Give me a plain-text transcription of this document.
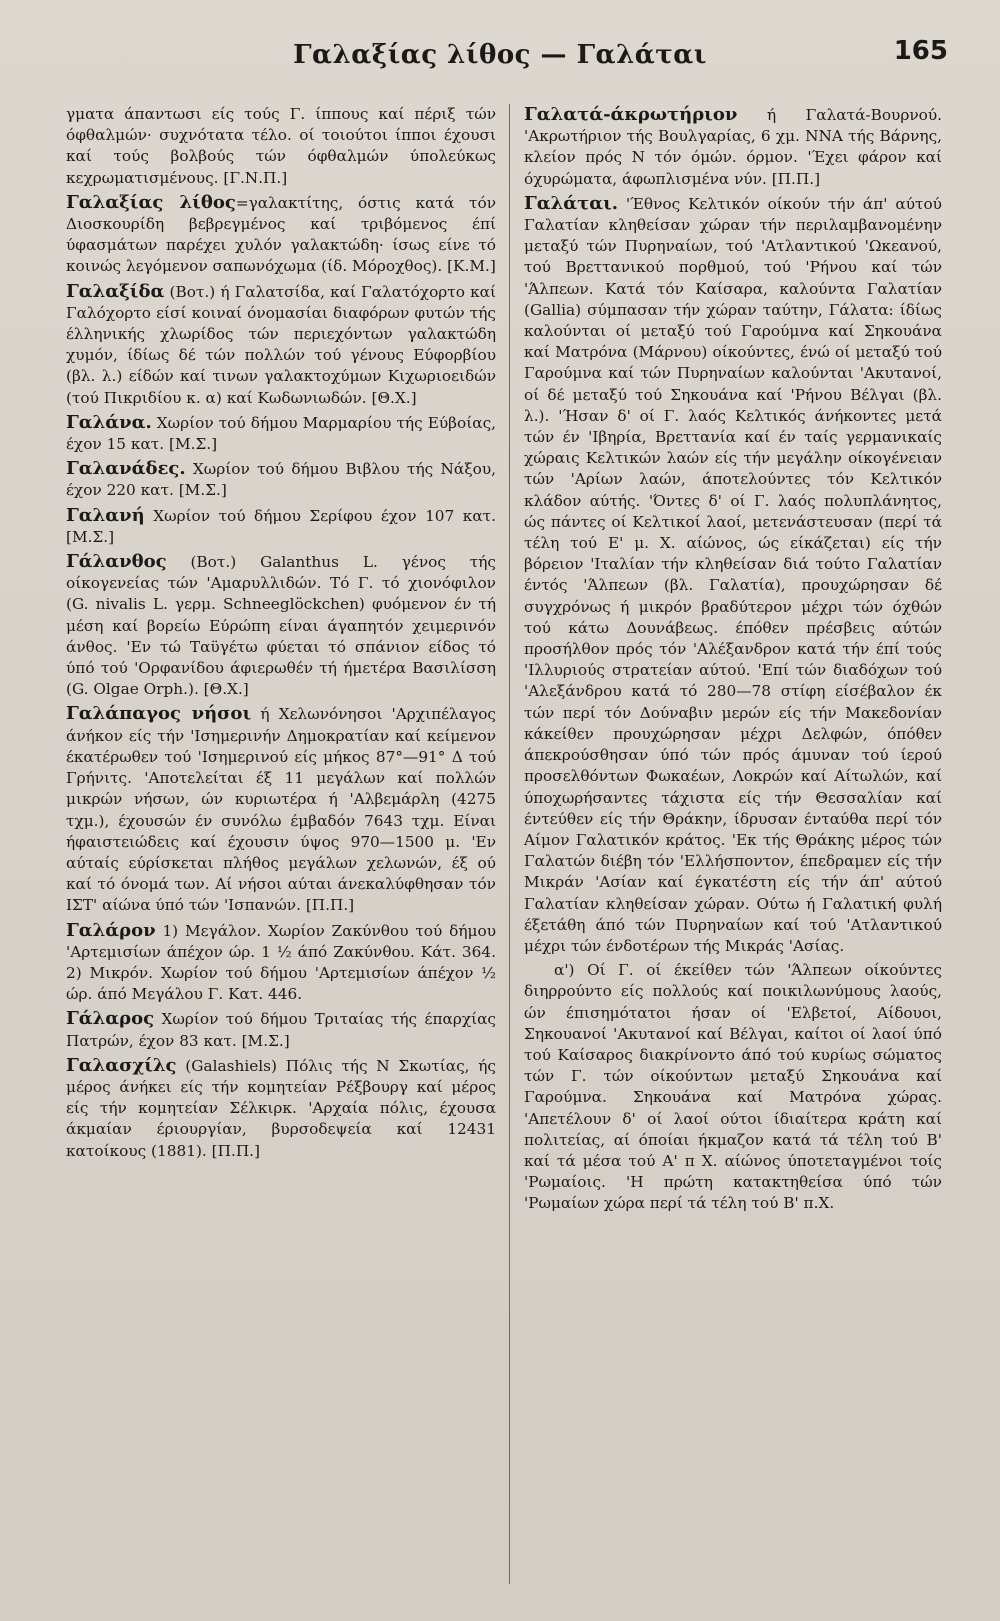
Γαλαξίας λίθος — Γαλάται	165

γματα άπαντωσι είς τούς Γ. ίππους καί πέριξ τών όφθαλμών· συχνότατα τέλο. οί τοιούτοι ίπποι έχουσι καί τούς βολβούς τών όφθαλμών ύπολεύκως κεχρωματισμένους. [Γ.Ν.Π.]

Γαλαξίας λίθος=γαλακτίτης, όστις κατά τόν Διοσκουρίδη βεβρεγμένος καί τριβόμενος έπί ύφασμάτων παρέχει χυλόν γαλακτώδη· ίσως είνε τό κοινώς λεγόμενον σαπωνόχωμα (ίδ. Μόροχθος). [Κ.Μ.]

Γαλαξίδα (Βοτ.) ή Γαλατσίδα, καί Γαλατόχορτο καί Γαλόχορτο είσί κοιναί όνομασίαι διαφόρων φυτών τής έλληνικής χλωρίδος τών περιεχόντων γαλακτώδη χυμόν, ίδίως δέ τών πολλών τού γένους Εύφορβίου (βλ. λ.) είδών καί τινων γαλακτοχύμων Κιχωριοειδών (τού Πικριδίου κ. α) καί Κωδωνιωδών. [Θ.Χ.]

Γαλάνα. Χωρίον τού δήμου Μαρμαρίου τής Εύβοίας, έχον 15 κατ. [Μ.Σ.]

Γαλανάδες. Χωρίον τού δήμου Βιβλου τής Νάξου, έχον 220 κατ. [Μ.Σ.]

Γαλανή Χωρίον τού δήμου Σερίφου έχον 107 κατ. [Μ.Σ.]

Γάλανθος (Βοτ.) Galanthus L. γένος τής οίκογενείας τών 'Αμαρυλλιδών. Τό Γ. τό χιονόφιλον (G. nivalis L. γερμ. Schneeglöckchen) φυόμενον έν τή μέση καί βορείω Εύρώπη είναι άγαπητόν χειμερινόν άνθος. 'Εν τώ Ταϋγέτω φύεται τό σπάνιον είδος τό ύπό τού 'Ορφανίδου άφιερωθέν τή ήμετέρα Βασιλίσση (G. Olgae Orph.). [Θ.Χ.]

Γαλάπαγος νήσοι ή Χελωνόνησοι 'Αρχιπέλαγος άνήκον είς τήν 'Ισημερινήν Δημοκρατίαν καί κείμενον έκατέρωθεν τού 'Ισημερινού είς μήκος 87°—91° Δ τού Γρήνιτς. 'Αποτελείται έξ 11 μεγάλων καί πολλών μικρών νήσων, ών κυριωτέρα ή 'Αλβεμάρλη (4275 τχμ.), έχουσών έν συνόλω έμβαδόν 7643 τχμ. Είναι ήφαιστειώδεις καί έχουσιν ύψος 970—1500 μ. 'Εν αύταίς εύρίσκεται πλήθος μεγάλων χελωνών, έξ ού καί τό όνομά των. Αί νήσοι αύται άνεκαλύφθησαν τόν ΙΣΤ' αίώνα ύπό τών 'Ισπανών. [Π.Π.]

Γαλάρον 1) Μεγάλον. Χωρίον Ζακύνθου τού δήμου 'Αρτεμισίων άπέχον ώρ. 1 ½ άπό Ζακύνθου. Κάτ. 364. 2) Μικρόν. Χωρίον τού δήμου 'Αρτεμισίων άπέχον ½ ώρ. άπό Μεγάλου Γ. Κατ. 446.

Γάλαρος Χωρίον τού δήμου Τριταίας τής έπαρχίας Πατρών, έχον 83 κατ. [Μ.Σ.]

Γαλασχίλς (Galashiels) Πόλις τής Ν Σκωτίας, ής μέρος άνήκει είς τήν κομητείαν Ρέξβουργ καί μέρος είς τήν κομητείαν Σέλκιρκ. 'Αρχαία πόλις, έχουσα άκμαίαν έριουργίαν, βυρσοδεψεία καί 12431 κατοίκους (1881). [Π.Π.]

Γαλατά-άκρωτήριον ή Γαλατά-Βουρνού. 'Ακρωτήριον τής Βουλγαρίας, 6 χμ. ΝΝΑ τής Βάρνης, κλείον πρός Ν τόν όμών. όρμον. 'Έχει φάρον καί όχυρώματα, άφωπλισμένα νύν. [Π.Π.]

Γαλάται. 'Έθνος Κελτικόν οίκούν τήν άπ' αύτού Γαλατίαν κληθείσαν χώραν τήν περιλαμβανομένην μεταξύ τών Πυρηναίων, τού 'Ατλαντικού 'Ωκεανού, τού Βρεττανικού πορθμού, τού 'Ρήνου καί τών 'Άλπεων. Κατά τόν Καίσαρα, καλούντα Γαλατίαν (Gallia) σύμπασαν τήν χώραν ταύτην, Γάλατα: ίδίως καλούνται οί μεταξύ τού Γαρούμνα καί Σηκουάνα καί Ματρόνα (Μάρνου) οίκούντες, ένώ οί μεταξύ τού Γαρούμνα καί τών Πυρηναίων καλούνται 'Ακυτανοί, οί δέ μεταξύ τού Σηκουάνα καί 'Ρήνου Βέλγαι (βλ. λ.). 'Ήσαν δ' οί Γ. λαός Κελτικός άνήκοντες μετά τών έν 'Ιβηρία, Βρεττανία καί έν ταίς γερμανικαίς χώραις Κελτικών λαών είς τήν μεγάλην οίκογένειαν τών 'Αρίων λαών, άποτελούντες τόν Κελτικόν κλάδον αύτής. 'Όντες δ' οί Γ. λαός πολυπλάνητος, ώς πάντες οί Κελτικοί λαοί, μετενάστευσαν (περί τά τέλη τού Ε' μ. Χ. αίώνος, ώς είκάζεται) είς τήν βόρειον 'Ιταλίαν τήν κληθείσαν διά τούτο Γαλατίαν έντός 'Άλπεων (βλ. Γαλατία), προυχώρησαν δέ συγχρόνως ή μικρόν βραδύτερον μέχρι τών όχθών τού κάτω Δουνάβεως. έπόθεν πρέσβεις αύτών προσήλθον πρός τόν 'Αλέξανδρον κατά τήν έπί τούς 'Ιλλυριούς στρατείαν αύτού. 'Επί τών διαδόχων τού 'Αλεξάνδρου κατά τό 280—78 στίφη είσέβαλον έκ τών περί τόν Δούναβιν μερών είς τήν Μακεδονίαν κάκείθεν προυχώρησαν μέχρι Δελφών, όπόθεν άπεκρούσθησαν ύπό τών πρός άμυναν τού ίερού προσελθόντων Φωκαέων, Λοκρών καί Αίτωλών, καί ύποχωρήσαντες τάχιστα είς τήν Θεσσαλίαν καί έντεύθεν είς τήν Θράκην, ίδρυσαν ένταύθα περί τόν Αίμον Γαλατικόν κράτος. 'Εκ τής Θράκης μέρος τών Γαλατών διέβη τόν 'Ελλήσποντον, έπεδραμεν είς τήν Μικράν 'Ασίαν καί έγκατέστη είς τήν άπ' αύτού Γαλατίαν κληθείσαν χώραν. Ούτω ή Γαλατική φυλή έξετάθη άπό τών Πυρηναίων καί τού 'Ατλαντικού μέχρι τών ένδοτέρων τής Μικράς 'Ασίας.

α') Οί Γ. οί έκείθεν τών 'Άλπεων οίκούντες διηρρούντο είς πολλούς καί ποικιλωνύμους λαούς, ών έπισημότατοι ήσαν οί 'Ελβετοί, Αίδουοι, Σηκουανοί 'Ακυτανοί καί Βέλγαι, καίτοι οί λαοί ύπό τού Καίσαρος διακρίνοντο άπό τού κυρίως σώματος τών Γ. τών οίκούντων μεταξύ Σηκουάνα καί Γαρούμνα. Σηκουάνα καί Ματρόνα χώρας. 'Απετέλουν δ' οί λαοί ούτοι ίδιαίτερα κράτη καί πολιτείας, αί όποίαι ήκμαζον κατά τά τέλη τού Β' καί τά μέσα τού Α' π Χ. αίώνος ύποτεταγμένοι τοίς 'Ρωμαίοις. 'Η πρώτη κατακτηθείσα ύπό τών 'Ρωμαίων χώρα περί τά τέλη τού Β' π.Χ.
